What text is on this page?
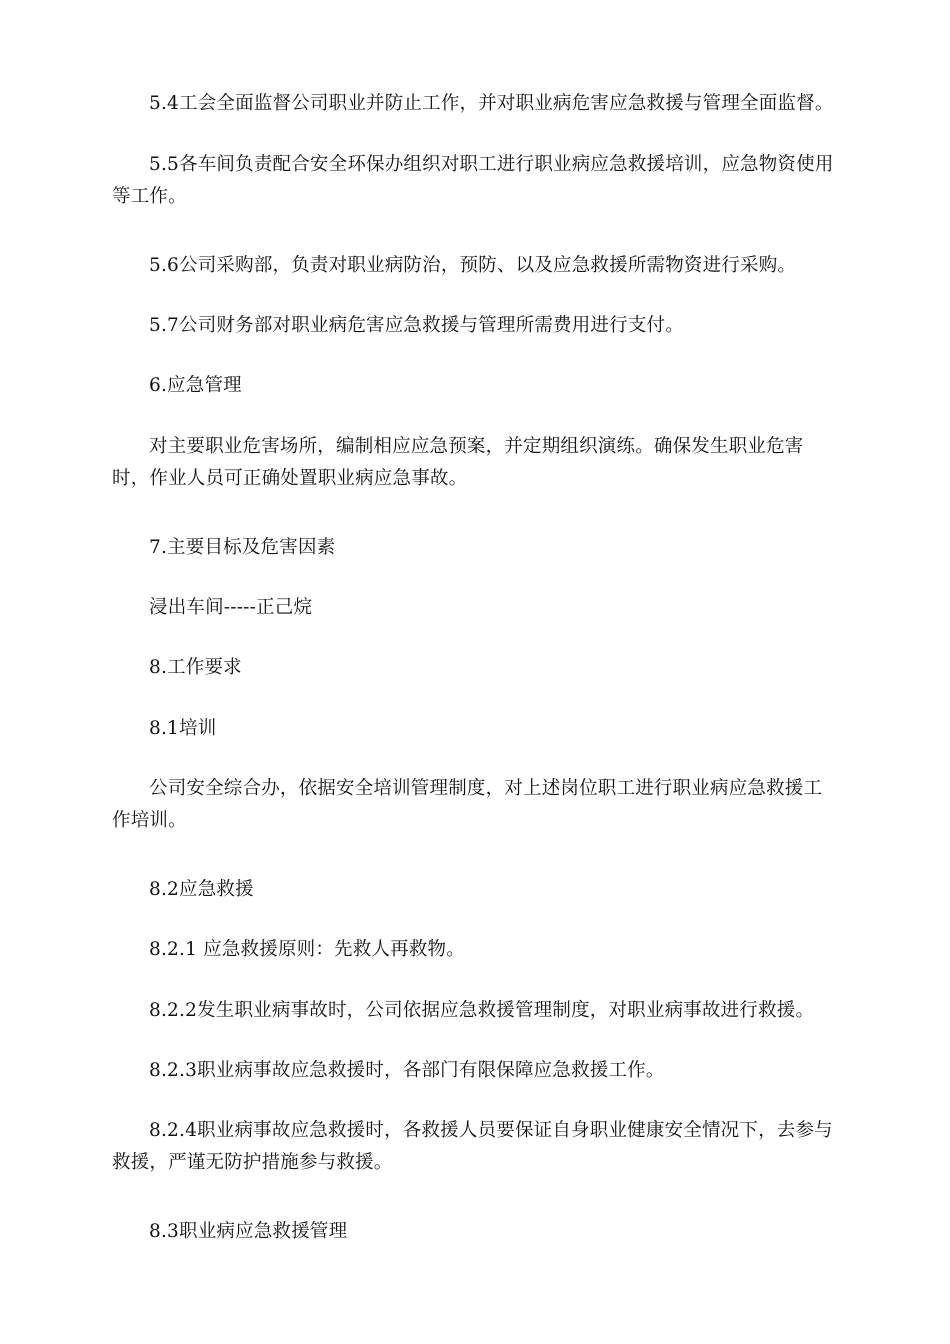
5.4工会全面监督公司职业并防止工作，并对职业病危害应急救援与管理全面监督。

5.5各车间负责配合安全环保办组织对职工进行职业病应急救援培训，应急物资使用等工作。

5.6公司采购部，负责对职业病防治，预防、以及应急救援所需物资进行采购。

5.7公司财务部对职业病危害应急救援与管理所需费用进行支付。

6.应急管理

对主要职业危害场所，编制相应应急预案，并定期组织演练。确保发生职业危害时，作业人员可正确处置职业病应急事故。

7.主要目标及危害因素

浸出车间-----正己烷

8.工作要求

8.1培训

公司安全综合办，依据安全培训管理制度，对上述岗位职工进行职业病应急救援工作培训。

8.2应急救援

8.2.1 应急救援原则：先救人再救物。

8.2.2发生职业病事故时，公司依据应急救援管理制度，对职业病事故进行救援。

8.2.3职业病事故应急救援时，各部门有限保障应急救援工作。

8.2.4职业病事故应急救援时，各救援人员要保证自身职业健康安全情况下，去参与救援，严谨无防护措施参与救援。

8.3职业病应急救援管理
